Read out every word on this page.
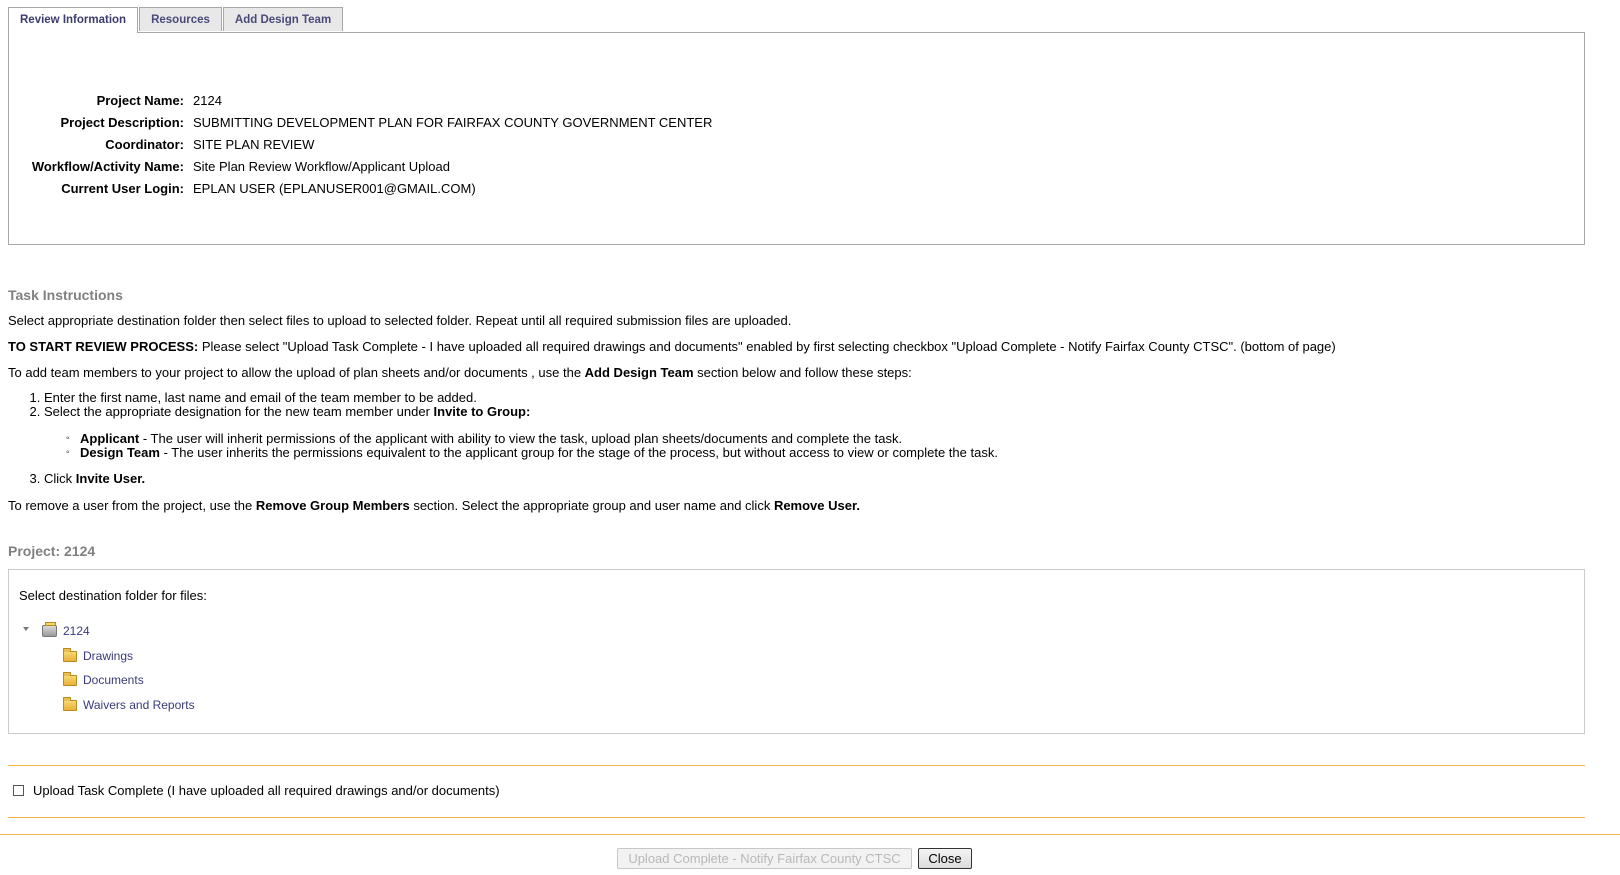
Review Information	Resources	Add Design Team
Project Name:	2124
Project Description:	SUBMITTING DEVELOPMENT PLAN FOR FAIRFAX COUNTY GOVERNMENT CENTER
Coordinator:	SITE PLAN REVIEW
Workflow/Activity Name:	Site Plan Review Workflow/Applicant Upload
Current User Login:	EPLAN USER (EPLANUSER001@GMAIL.COM)
Task Instructions
Select appropriate destination folder then select files to upload to selected folder. Repeat until all required submission files are uploaded.
TO START REVIEW PROCESS: Please select "Upload Task Complete - I have uploaded all required drawings and documents" enabled by first selecting checkbox "Upload Complete - Notify Fairfax County CTSC". (bottom of page)
To add team members to your project to allow the upload of plan sheets and/or documents , use the Add Design Team section below and follow these steps:
1. Enter the first name, last name and email of the team member to be added.
2. Select the appropriate designation for the new team member under Invite to Group:
◦ Applicant - The user will inherit permissions of the applicant with ability to view the task, upload plan sheets/documents and complete the task.
◦ Design Team - The user inherits the permissions equivalent to the applicant group for the stage of the process, but without access to view or complete the task.
3. Click Invite User.
To remove a user from the project, use the Remove Group Members section. Select the appropriate group and user name and click Remove User.
Project: 2124
Select destination folder for files:
2124
Drawings
Documents
Waivers and Reports
Upload Task Complete (I have uploaded all required drawings and/or documents)
Upload Complete - Notify Fairfax County CTSC	Close
